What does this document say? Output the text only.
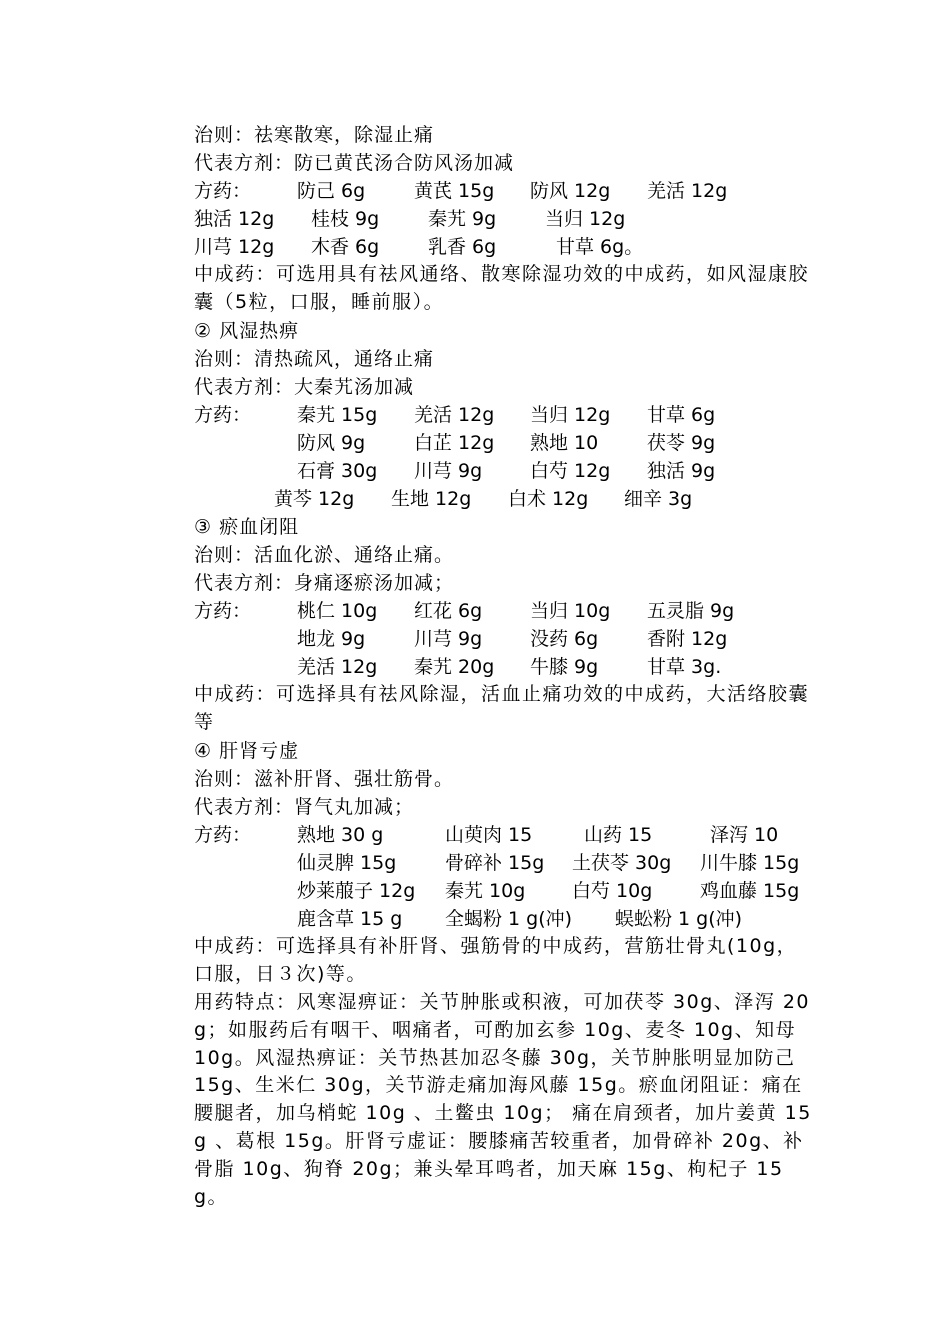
治则：祛寒散寒，除湿止痛
代表方剂：防已黄芪汤合防风汤加减
方药： 防己 6g	黄芪 15g 防风 12g 羌活 12g
独活 12g 桂枝 9g	秦艽 9g	当归 12g
川芎 12g 木香 6g	乳香 6g	甘草 6g。
中成药：可选用具有祛风通络、散寒除湿功效的中成药，如风湿康胶囊（5粒，口服，睡前服）。
② 风湿热痹
治则：清热疏风，通络止痛
代表方剂：大秦艽汤加减
方药： 秦艽 15g 羌活 12g 当归 12g 甘草 6g
防风 9g	白芷 12g 熟地 10	茯苓 9g
石膏 30g 川芎 9g	白芍 12g 独活 9g
黄芩 12g 生地 12g 白术 12g 细辛 3g
③ 瘀血闭阻
治则：活血化淤、通络止痛。
代表方剂：身痛逐瘀汤加减；
方药： 桃仁 10g 红花 6g	当归 10g 五灵脂 9g
地龙 9g	川芎 9g	没药 6g	香附 12g
羌活 12g 秦艽 20g 牛膝 9g	甘草 3g.
中成药：可选择具有祛风除湿，活血止痛功效的中成药，大活络胶囊等
④ 肝肾亏虚
治则：滋补肝肾、强壮筋骨。
代表方剂：肾气丸加减；
方药： 熟地 30 g	山萸肉 15	山药 15	泽泻 10
仙灵脾 15g	骨碎补 15g 土茯苓 30g 川牛膝 15g
炒莱菔子 12g 秦艽 10g 白芍 10g	鸡血藤 15g
鹿含草 15 g 全蝎粉 1 g(冲) 蜈蚣粉 1 g(冲)
中成药：可选择具有补肝肾、强筋骨的中成药，营筋壮骨丸(10g，口服，日３次)等。
用药特点：风寒湿痹证：关节肿胀或积液，可加茯苓 30g、泽泻 20g；如服药后有咽干、咽痛者，可酌加玄参 10g、麦冬 10g、知母 10g。风湿热痹证：关节热甚加忍冬藤 30g，关节肿胀明显加防己 15g、生米仁 30g，关节游走痛加海风藤 15g。瘀血闭阻证：痛在腰腿者，加乌梢蛇 10g 、土鳖虫 10g； 痛在肩颈者，加片姜黄 15g 、葛根 15g。肝肾亏虚证：腰膝痛苦较重者，加骨碎补 20g、补骨脂 10g、狗脊 20g；兼头晕耳鸣者，加天麻 15g、枸杞子 15g。
